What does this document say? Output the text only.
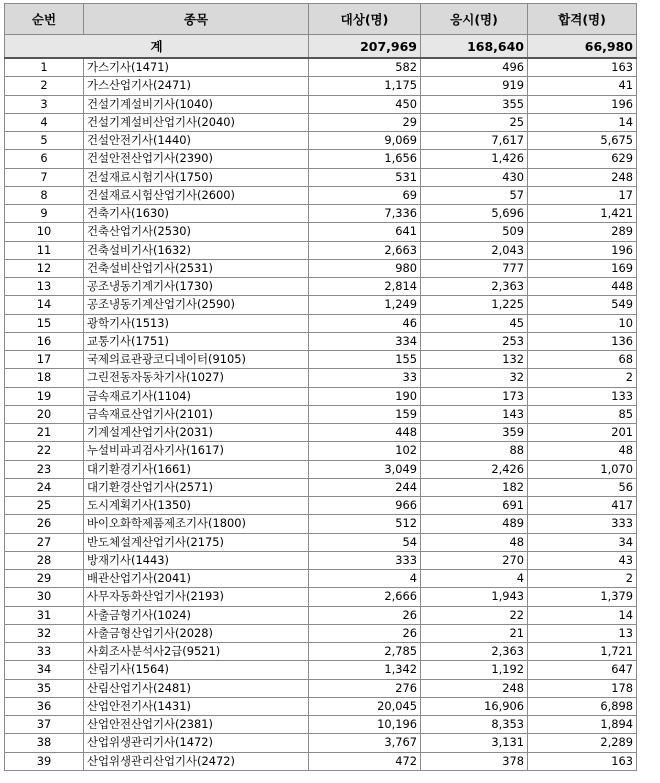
순번	종목	대상(명)	응시(명)	합격(명)
계		207,969	168,640	66,980
1	가스기사(1471)	582	496	163
2	가스산업기사(2471)	1,175	919	41
3	건설기계설비기사(1040)	450	355	196
4	건설기계설비산업기사(2040)	29	25	14
5	건설안전기사(1440)	9,069	7,617	5,675
6	건설안전산업기사(2390)	1,656	1,426	629
7	건설재료시험기사(1750)	531	430	248
8	건설재료시험산업기사(2600)	69	57	17
9	건축기사(1630)	7,336	5,696	1,421
10	건축산업기사(2530)	641	509	289
11	건축설비기사(1632)	2,663	2,043	196
12	건축설비산업기사(2531)	980	777	169
13	공조냉동기계기사(1730)	2,814	2,363	448
14	공조냉동기계산업기사(2590)	1,249	1,225	549
15	광학기사(1513)	46	45	10
16	교통기사(1751)	334	253	136
17	국제의료관광코디네이터(9105)	155	132	68
18	그린전동자동차기사(1027)	33	32	2
19	금속재료기사(1104)	190	173	133
20	금속재료산업기사(2101)	159	143	85
21	기계설계산업기사(2031)	448	359	201
22	누설비파괴검사기사(1617)	102	88	48
23	대기환경기사(1661)	3,049	2,426	1,070
24	대기환경산업기사(2571)	244	182	56
25	도시계획기사(1350)	966	691	417
26	바이오화학제품제조기사(1800)	512	489	333
27	반도체설계산업기사(2175)	54	48	34
28	방재기사(1443)	333	270	43
29	배관산업기사(2041)	4	4	2
30	사무자동화산업기사(2193)	2,666	1,943	1,379
31	사출금형기사(1024)	26	22	14
32	사출금형산업기사(2028)	26	21	13
33	사회조사분석사2급(9521)	2,785	2,363	1,721
34	산림기사(1564)	1,342	1,192	647
35	산림산업기사(2481)	276	248	178
36	산업안전기사(1431)	20,045	16,906	6,898
37	산업안전산업기사(2381)	10,196	8,353	1,894
38	산업위생관리기사(1472)	3,767	3,131	2,289
39	산업위생관리산업기사(2472)	472	378	163
